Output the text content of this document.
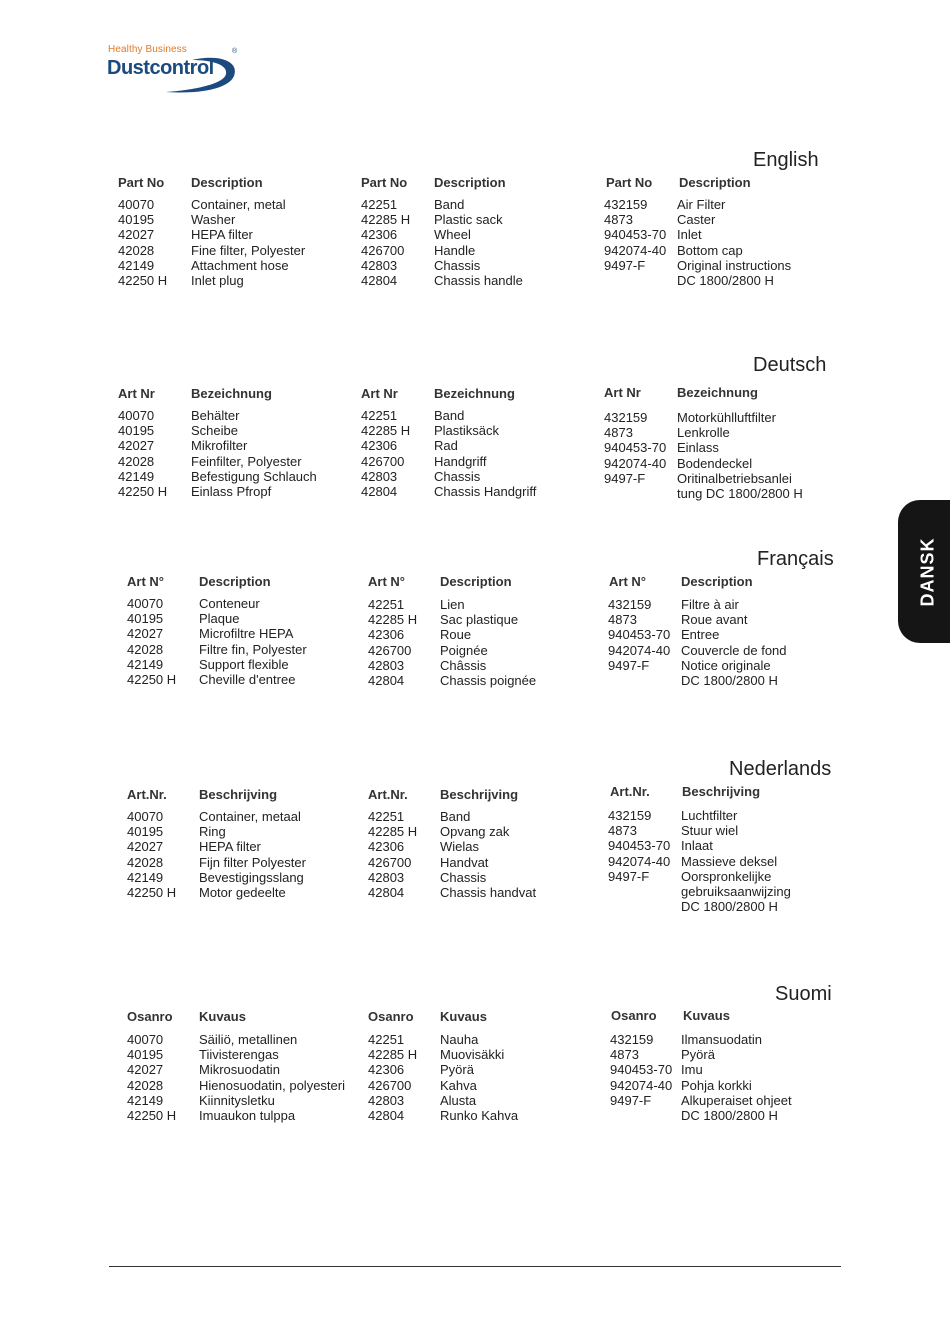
Healthy Business
Dustcontrol
®
English
Part No Description
40070	Container, metal
40195	Washer
42027	HEPA filter
42028	Fine filter, Polyester
42149	Attachment hose
42250 H Inlet plug
Part No Description
42251	Band
42285 H Plastic sack
42306	Wheel
426700 Handle
42803	Chassis
42804	Chassis handle
Part No Description
432159 Air Filter
4873	Caster
940453-70 Inlet
942074-40 Bottom cap
9497-F Original instructions
DC 1800/2800 H
Deutsch
Art Nr	Bezeichnung
40070	Behälter
40195	Scheibe
42027	Mikrofilter
42028	Feinfilter, Polyester
42149	Befestigung Schlauch
42250 H Einlass Pfropf
Art Nr	Bezeichnung
42251	Band
42285 H Plastiksäck
42306	Rad
426700 Handgriff
42803	Chassis
42804	Chassis Handgriff
Art Nr	Bezeichnung
432159 Motorkühlluftfilter
4873	Lenkrolle
940453-70 Einlass
942074-40 Bodendeckel
9497-F Oritinalbetriebsanlei
tung DC 1800/2800 H
Français
Art N°	Description
40070	Conteneur
40195	Plaque
42027	Microfiltre HEPA
42028	Filtre fin, Polyester
42149	Support flexible
42250 H Cheville d'entree
Art N°	Description
42251	Lien
42285 H Sac plastique
42306	Roue
426700 Poignée
42803	Châssis
42804	Chassis poignée
Art N°	Description
432159 Filtre à air
4873	Roue avant
940453-70 Entree
942074-40 Couvercle de fond
9497-F Notice originale
DC 1800/2800 H
Nederlands
Art.Nr. Beschrijving
40070	Container, metaal
40195	Ring
42027	HEPA filter
42028	Fijn filter Polyester
42149	Bevestigingsslang
42250 H Motor gedeelte
Art.Nr. Beschrijving
42251	Band
42285 H Opvang zak
42306	Wielas
426700 Handvat
42803	Chassis
42804	Chassis handvat
Art.Nr. Beschrijving
432159 Luchtfilter
4873	Stuur wiel
940453-70 Inlaat
942074-40 Massieve deksel
9497-F Oorspronkelijke
gebruiksaanwijzing
DC 1800/2800 H
Suomi
Osanro Kuvaus
40070	Säiliö, metallinen
40195	Tiivisterengas
42027	Mikrosuodatin
42028	Hienosuodatin, polyesteri
42149	Kiinnitysletku
42250 H Imuaukon tulppa
Osanro Kuvaus
42251	Nauha
42285 H Muovisäkki
42306	Pyörä
426700 Kahva
42803	Alusta
42804	Runko Kahva
Osanro Kuvaus
432159 Ilmansuodatin
4873	Pyörä
940453-70 Imu
942074-40 Pohja korkki
9497-F Alkuperaiset ohjeet
DC 1800/2800 H
DANSK
